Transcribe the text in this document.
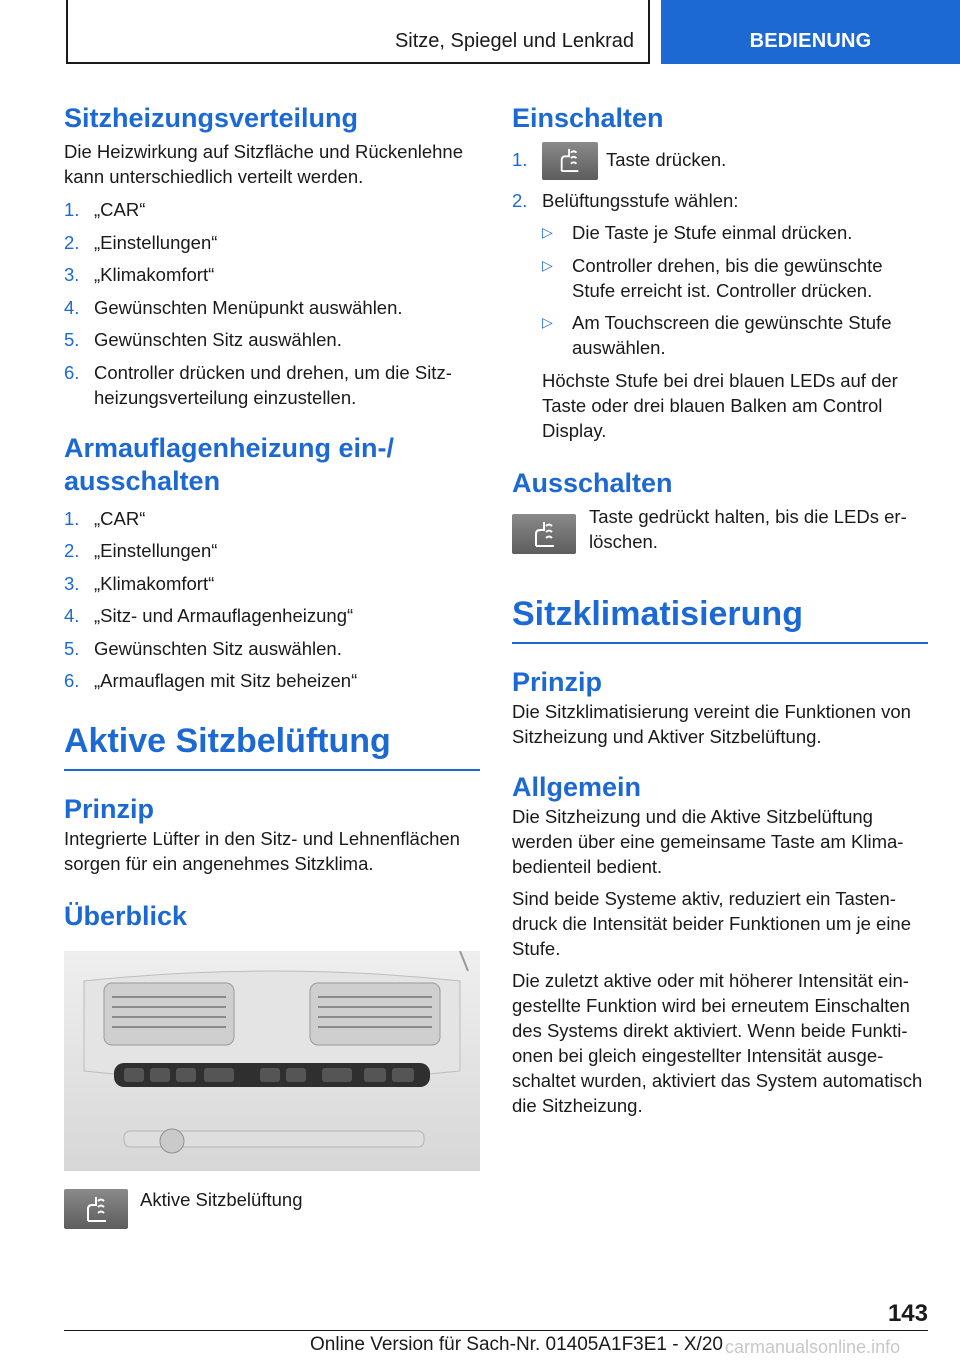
Sitze, Spiegel und Lenkrad	BEDIENUNG
Sitzheizungsverteilung

Die Heizwirkung auf Sitzfläche und Rückenlehne kann unterschiedlich verteilt werden.

1. „CAR“
2. „Einstellungen“
3. „Klimakomfort“
4. Gewünschten Menüpunkt auswählen.
5. Gewünschten Sitz auswählen.
6. Controller drücken und drehen, um die Sitzheizungsverteilung einzustellen.
Armauflagenheizung ein-/ ausschalten
1. „CAR“
2. „Einstellungen“
3. „Klimakomfort“
4. „Sitz- und Armauflagenheizung“
5. Gewünschten Sitz auswählen.
6. „Armauflagen mit Sitz beheizen“
Aktive Sitzbelüftung
Prinzip

Integrierte Lüfter in den Sitz- und Lehnenflächen sorgen für ein angenehmes Sitzklima.

Überblick
Aktive Sitzbelüftung
Einschalten
1.	Taste drücken.
2. Belüftungsstufe wählen:
▷ Die Taste je Stufe einmal drücken.
▷ Controller drehen, bis die gewünschte Stufe erreicht ist. Controller drücken.
▷ Am Touchscreen die gewünschte Stufe auswählen.

Höchste Stufe bei drei blauen LEDs auf der Taste oder drei blauen Balken am Control Display.

Ausschalten

Taste gedrückt halten, bis die LEDs erlöschen.

Sitzklimatisierung
Prinzip

Die Sitzklimatisierung vereint die Funktionen von Sitzheizung und Aktiver Sitzbelüftung.

Allgemein

Die Sitzheizung und die Aktive Sitzbelüftung werden über eine gemeinsame Taste am Klimabedienteil bedient.

Sind beide Systeme aktiv, reduziert ein Tastendruck die Intensität beider Funktionen um je eine Stufe.

Die zuletzt aktive oder mit höherer Intensität eingestellte Funktion wird bei erneutem Einschalten des Systems direkt aktiviert. Wenn beide Funktionen bei gleich eingestellter Intensität ausgeschaltet wurden, aktiviert das System automatisch die Sitzheizung.

143
Online Version für Sach-Nr. 01405A1F3E1 - X/20 carmanualsonline.info
